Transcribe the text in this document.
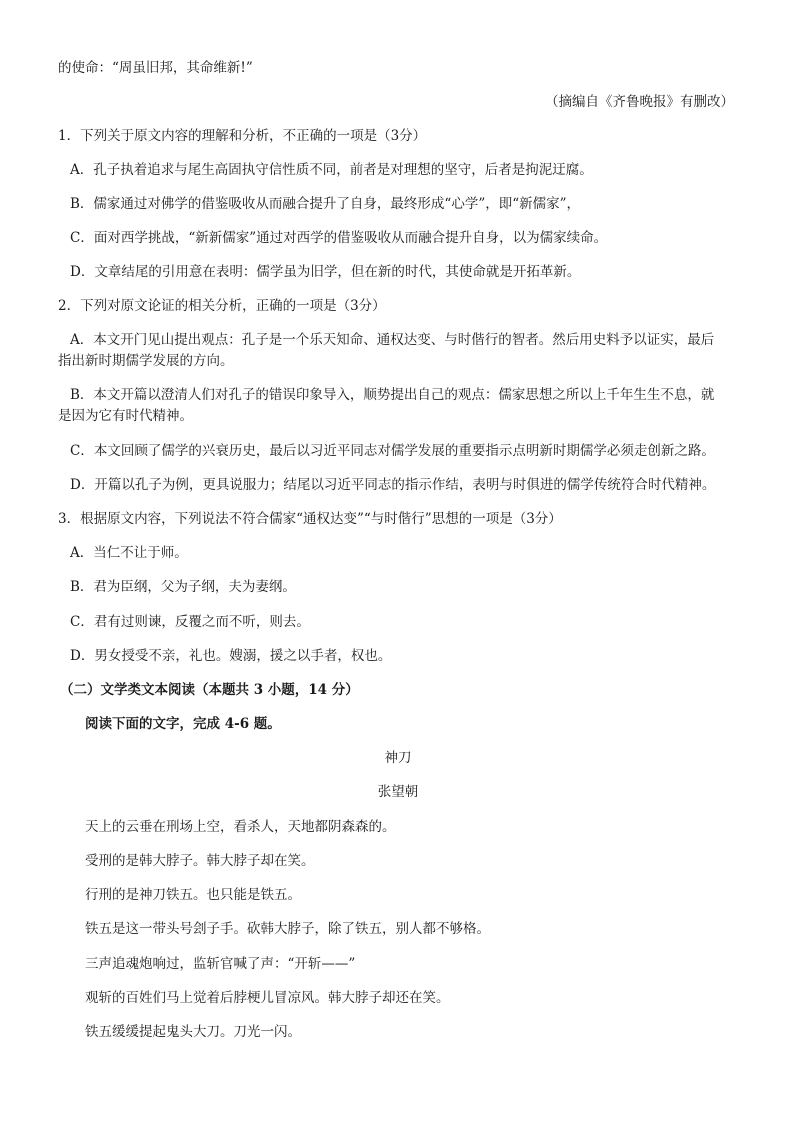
的使命：“周虽旧邦，其命维新!”
（摘编自《齐鲁晚报》有删改）
1．下列关于原文内容的理解和分析，不正确的一项是（3分）
A．孔子执着追求与尾生高固执守信性质不同，前者是对理想的坚守，后者是拘泥迂腐。
B．儒家通过对佛学的借鉴吸收从而融合提升了自身，最终形成“心学”，即“新儒家”，
C．面对西学挑战，“新新儒家”通过对西学的借鉴吸收从而融合提升自身，以为儒家续命。
D．文章结尾的引用意在表明：儒学虽为旧学，但在新的时代，其使命就是开拓革新。
2．下列对原文论证的相关分析，正确的一项是（3分）
A．本文开门见山提出观点：孔子是一个乐天知命、通权达变、与时偕行的智者。然后用史料予以证实，最后
指出新时期儒学发展的方向。
B．本文开篇以澄清人们对孔子的错误印象导入，顺势提出自己的观点：儒家思想之所以上千年生生不息，就
是因为它有时代精神。
C．本文回顾了儒学的兴衰历史，最后以习近平同志对儒学发展的重要指示点明新时期儒学必须走创新之路。
D．开篇以孔子为例，更具说服力；结尾以习近平同志的指示作结，表明与时俱进的儒学传统符合时代精神。
3．根据原文内容，下列说法不符合儒家“通权达变”“与时偕行”思想的一项是（3分）
A．当仁不让于师。
B．君为臣纲，父为子纲，夫为妻纲。
C．君有过则谏，反覆之而不听，则去。
D．男女授受不亲，礼也。嫂溺，援之以手者，权也。
（二）文学类文本阅读（本题共 3 小题，14 分）
阅读下面的文字，完成 4-6 题。
神刀
张望朝
天上的云垂在刑场上空，看杀人，天地都阴森森的。
受刑的是韩大脖子。韩大脖子却在笑。
行刑的是神刀铁五。也只能是铁五。
铁五是这一带头号刽子手。砍韩大脖子，除了铁五，别人都不够格。
三声追魂炮响过，监斩官喊了声：“开斩——”
观斩的百姓们马上觉着后脖梗儿冒凉风。韩大脖子却还在笑。
铁五缓缓提起鬼头大刀。刀光一闪。
